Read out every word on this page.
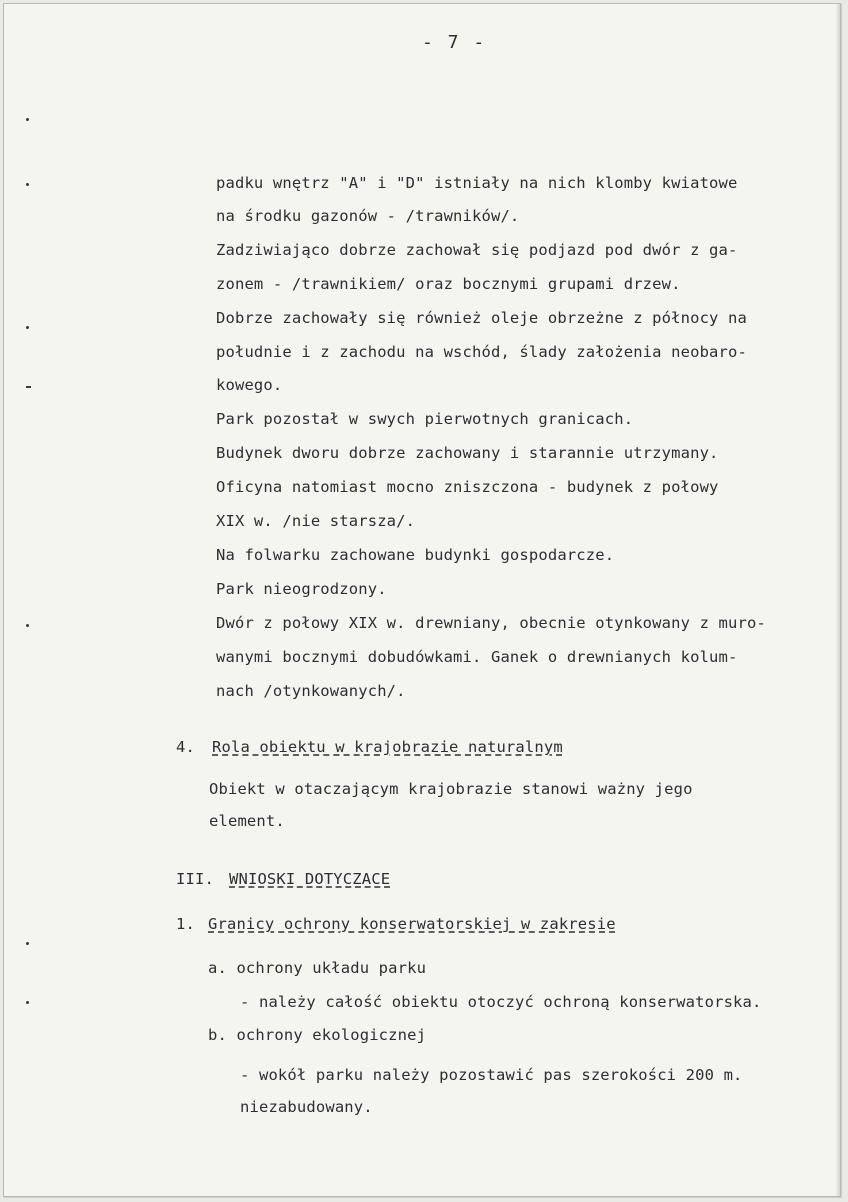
- 7 -
padku wnętrz "A" i "D" istniały na nich klomby kwiatowe
na środku gazonów - /trawników/.
Zadziwiająco dobrze zachował się podjazd pod dwór z ga-
zonem - /trawnikiem/ oraz bocznymi grupami drzew.
Dobrze zachowały się również oleje obrzeżne z północy na
południe i z zachodu na wschód, ślady założenia neobaro-
kowego.
Park pozostał w swych pierwotnych granicach.
Budynek dworu dobrze zachowany i starannie utrzymany.
Oficyna natomiast mocno zniszczona - budynek z połowy
XIX w. /nie starsza/.
Na folwarku zachowane budynki gospodarcze.
Park nieogrodzony.
Dwór z połowy XIX w. drewniany, obecnie otynkowany z muro-
wanymi bocznymi dobudówkami. Ganek o drewnianych kolum-
nach /otynkowanych/.
4. Rola obiektu w krajobrazie naturalnym
Obiekt w otaczającym krajobrazie stanowi ważny jego
element.
III. WNIOSKI DOTYCZACE
1. Granicy ochrony konserwatorskiej w zakresie
a. ochrony układu parku
- należy całość obiektu otoczyć ochroną konserwatorska.
b. ochrony ekologicznej
- wokół parku należy pozostawić pas szerokości 200 m.
niezabudowany.
